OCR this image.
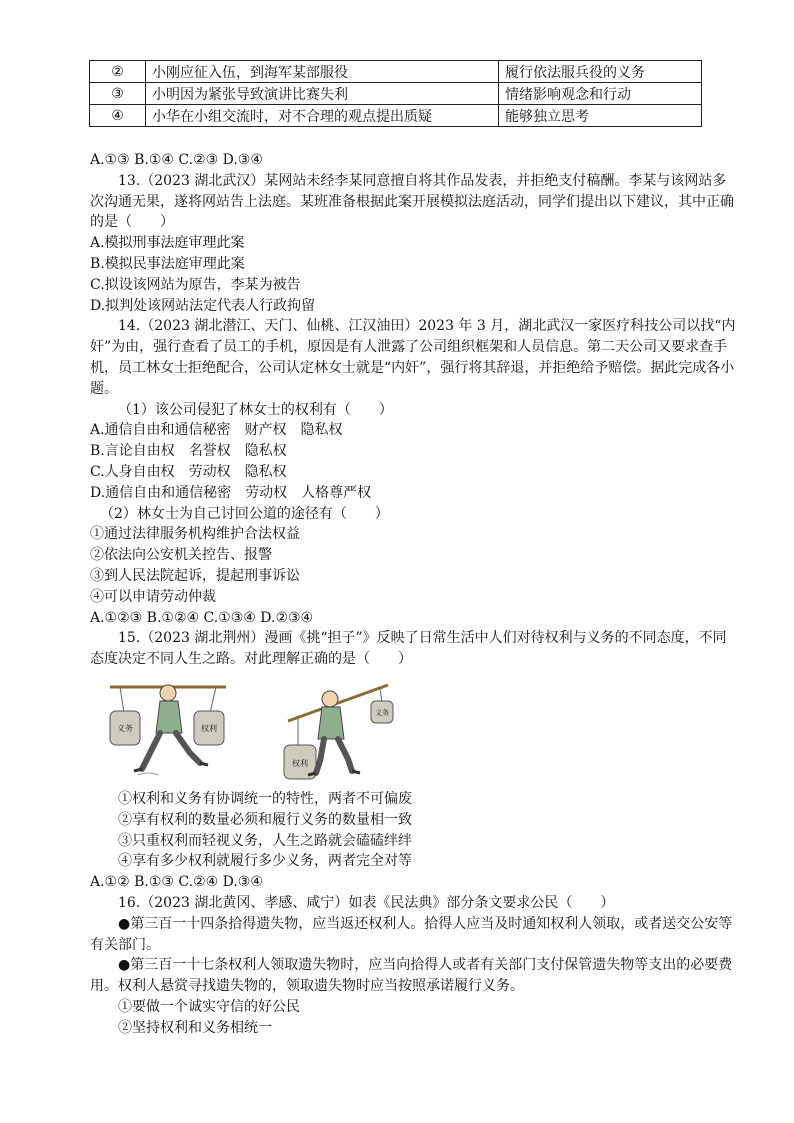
②	小刚应征入伍，到海军某部服役	履行依法服兵役的义务
③	小明因为紧张导致演讲比赛失利	情绪影响观念和行动
④	小华在小组交流时，对不合理的观点提出质疑	能够独立思考

A.①③ B.①④ C.②③ D.③④

13.（2023 湖北武汉）某网站未经李某同意擅自将其作品发表，并拒绝支付稿酬。李某与该网站多次沟通无果，遂将网站告上法庭。某班准备根据此案开展模拟法庭活动，同学们提出以下建议，其中正确的是（　　）

A.模拟刑事法庭审理此案

B.模拟民事法庭审理此案

C.拟设该网站为原告，李某为被告

D.拟判处该网站法定代表人行政拘留

14.（2023 湖北潜江、天门、仙桃、江汉油田）2023 年 3 月，湖北武汉一家医疗科技公司以找“内奸”为由，强行查看了员工的手机，原因是有人泄露了公司组织框架和人员信息。第二天公司又要求查手机，员工林女士拒绝配合，公司认定林女士就是“内奸”，强行将其辞退，并拒绝给予赔偿。据此完成各小题。

（1）该公司侵犯了林女士的权利有（　　）

A.通信自由和通信秘密　财产权　隐私权

B.言论自由权　名誉权　隐私权

C.人身自由权　劳动权　隐私权

D.通信自由和通信秘密　劳动权　人格尊严权

（2）林女士为自己讨回公道的途径有（　　）

①通过法律服务机构维护合法权益

②依法向公安机关控告、报警

③到人民法院起诉，提起刑事诉讼

④可以申请劳动仲裁

A.①②③ B.①②④ C.①③④ D.②③④

15.（2023 湖北荆州）漫画《挑“担子”》反映了日常生活中人们对待权利与义务的不同态度，不同态度决定不同人生之路。对此理解正确的是（　　）

义务	权利
权利
义务

①权利和义务有协调统一的特性，两者不可偏废

②享有权利的数量必须和履行义务的数量相一致

③只重权利而轻视义务，人生之路就会磕磕绊绊

④享有多少权利就履行多少义务，两者完全对等

A.①② B.①③ C.②④ D.③④

16.（2023 湖北黄冈、孝感、咸宁）如表《民法典》部分条文要求公民（　　）

●第三百一十四条拾得遗失物，应当返还权利人。拾得人应当及时通知权利人领取，或者送交公安等有关部门。

●第三百一十七条权利人领取遗失物时，应当向拾得人或者有关部门支付保管遗失物等支出的必要费用。权利人悬赏寻找遗失物的，领取遗失物时应当按照承诺履行义务。

①要做一个诚实守信的好公民

②坚持权利和义务相统一
